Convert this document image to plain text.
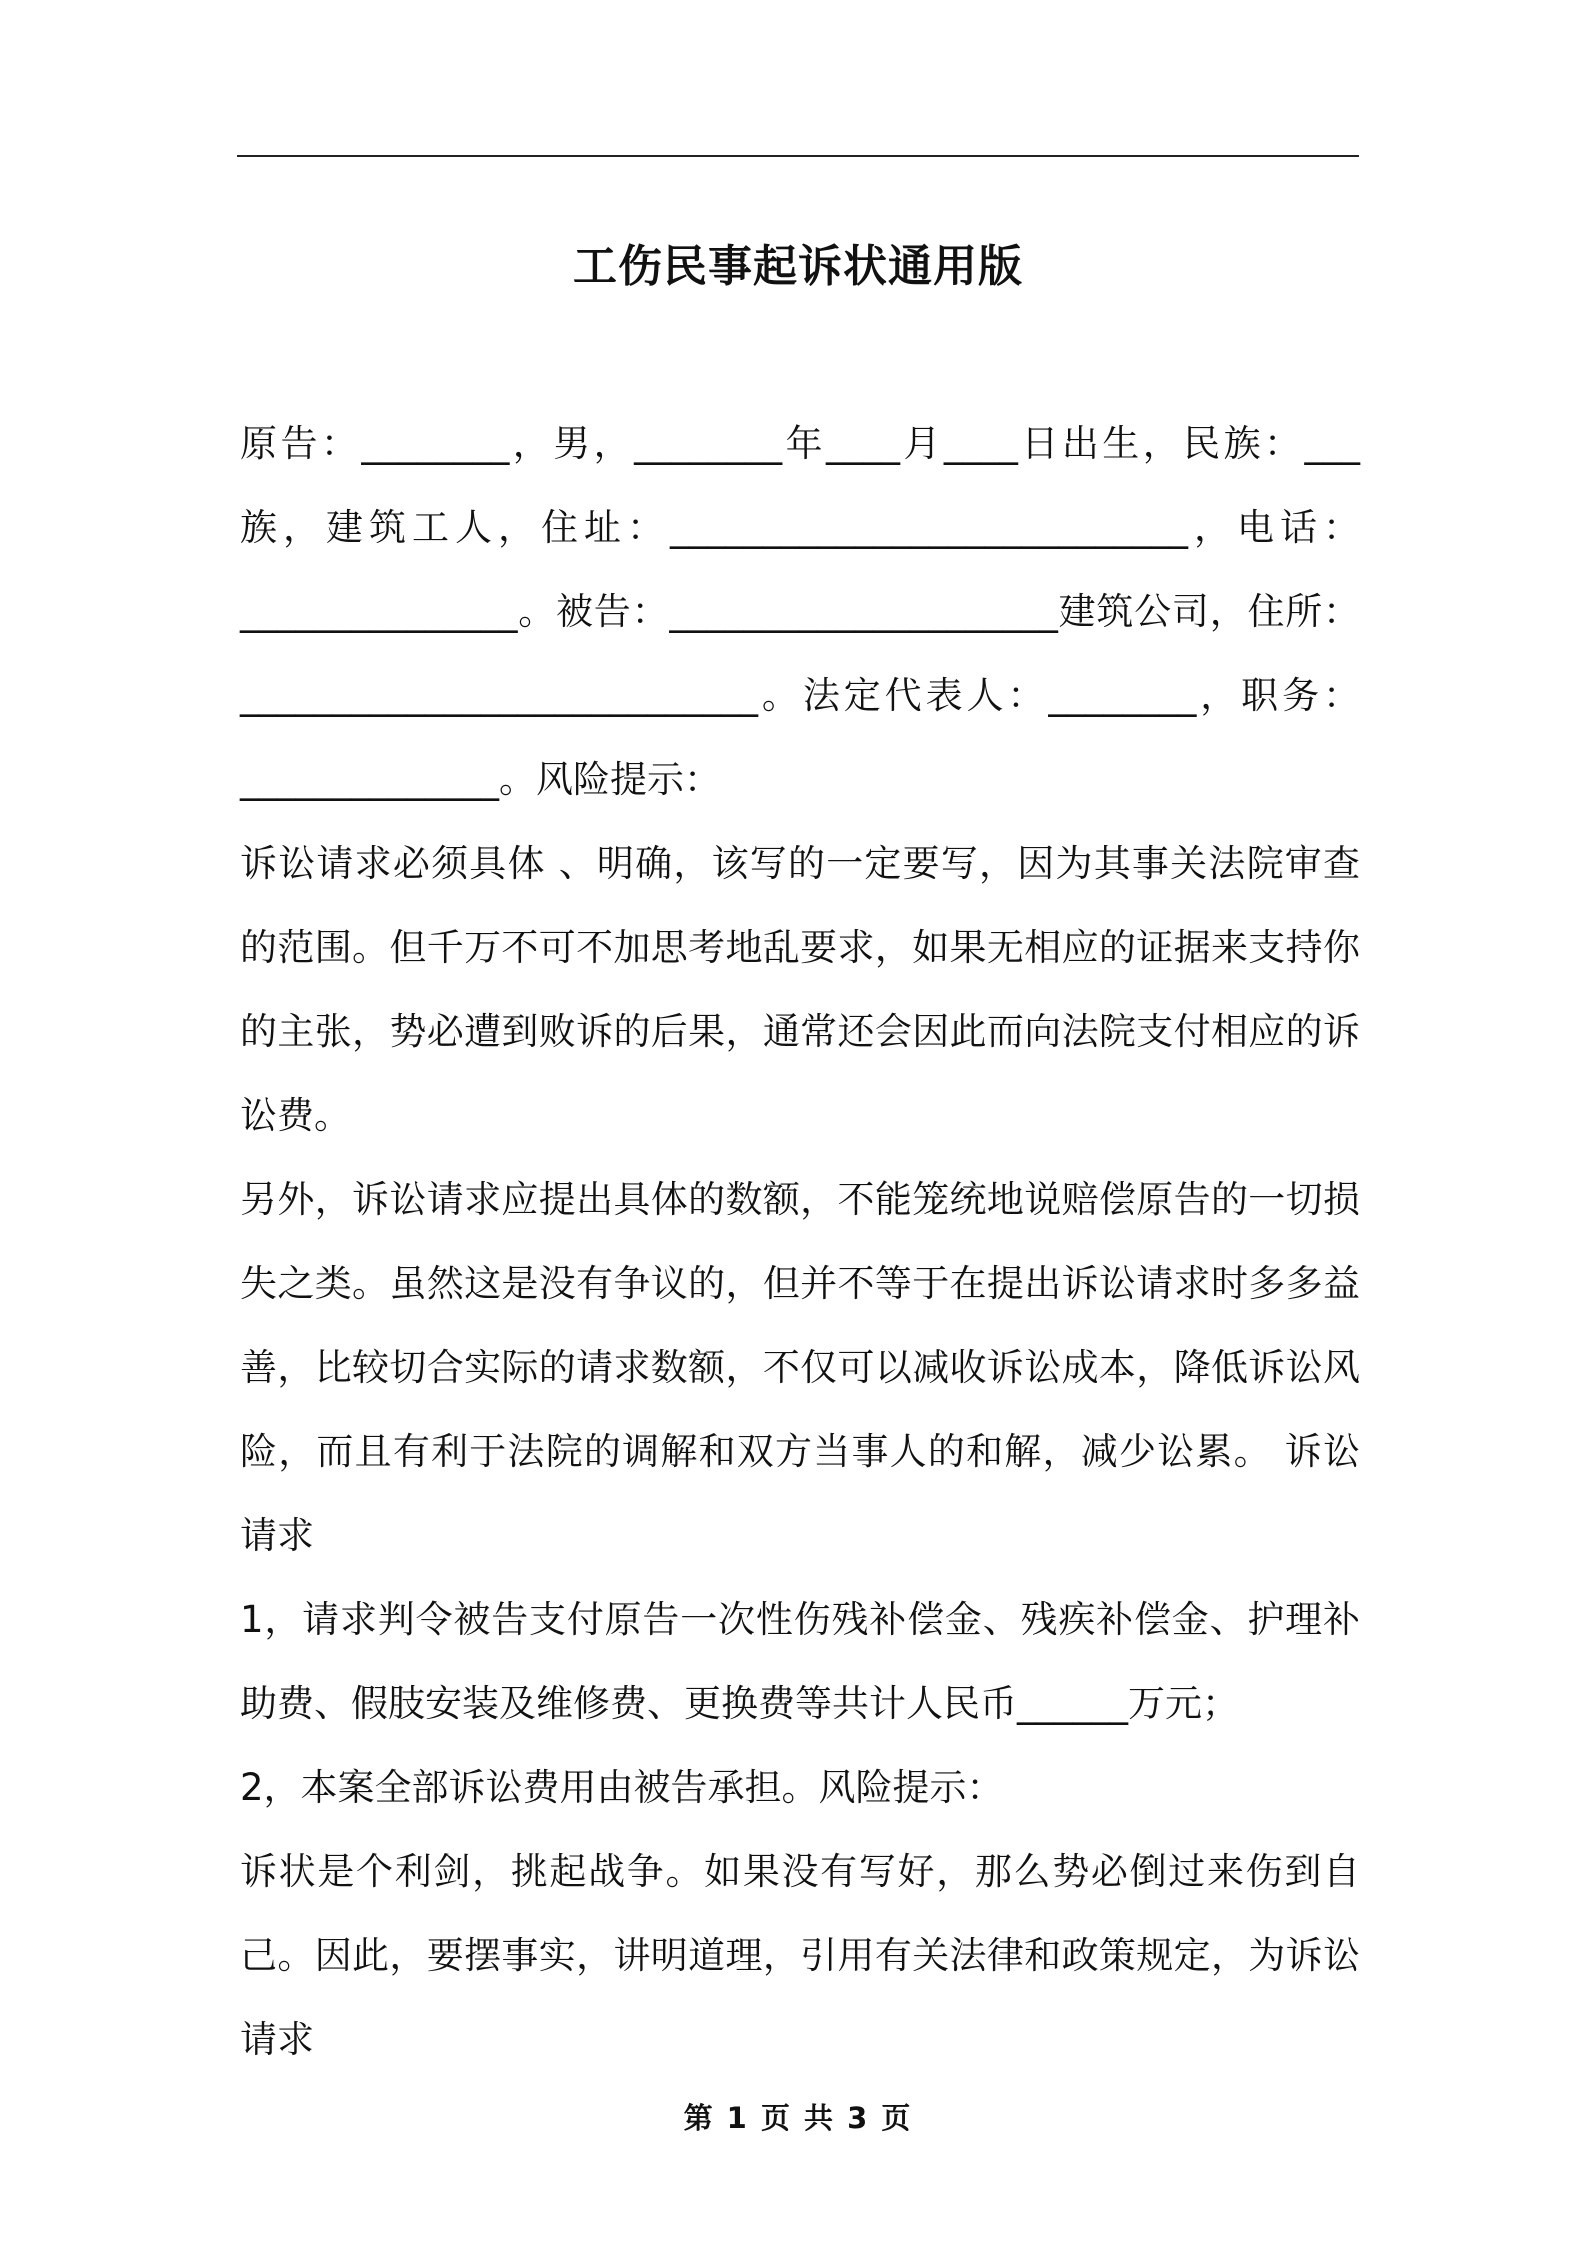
工伤民事起诉状通用版

原告：________，男，________年____月____日出生，民族：___族，建筑工人，住址：____________________________，电话：_______________。被告：_____________________建筑公司，住所：____________________________。法定代表人：________，职务：______________。风险提示：

诉讼请求必须具体 、明确，该写的一定要写，因为其事关法院审查的范围。但千万不可不加思考地乱要求，如果无相应的证据来支持你的主张，势必遭到败诉的后果，通常还会因此而向法院支付相应的诉讼费。

另外，诉讼请求应提出具体的数额，不能笼统地说赔偿原告的一切损失之类。虽然这是没有争议的，但并不等于在提出诉讼请求时多多益善，比较切合实际的请求数额，不仅可以减收诉讼成本，降低诉讼风险，而且有利于法院的调解和双方当事人的和解，减少讼累。 诉讼请求

1，请求判令被告支付原告一次性伤残补偿金、残疾补偿金、护理补助费、假肢安装及维修费、更换费等共计人民币______万元；

2，本案全部诉讼费用由被告承担。风险提示：

诉状是个利剑，挑起战争。如果没有写好，那么势必倒过来伤到自己。因此，要摆事实，讲明道理，引用有关法律和政策规定，为诉讼请求

第 1 页 共 3 页
